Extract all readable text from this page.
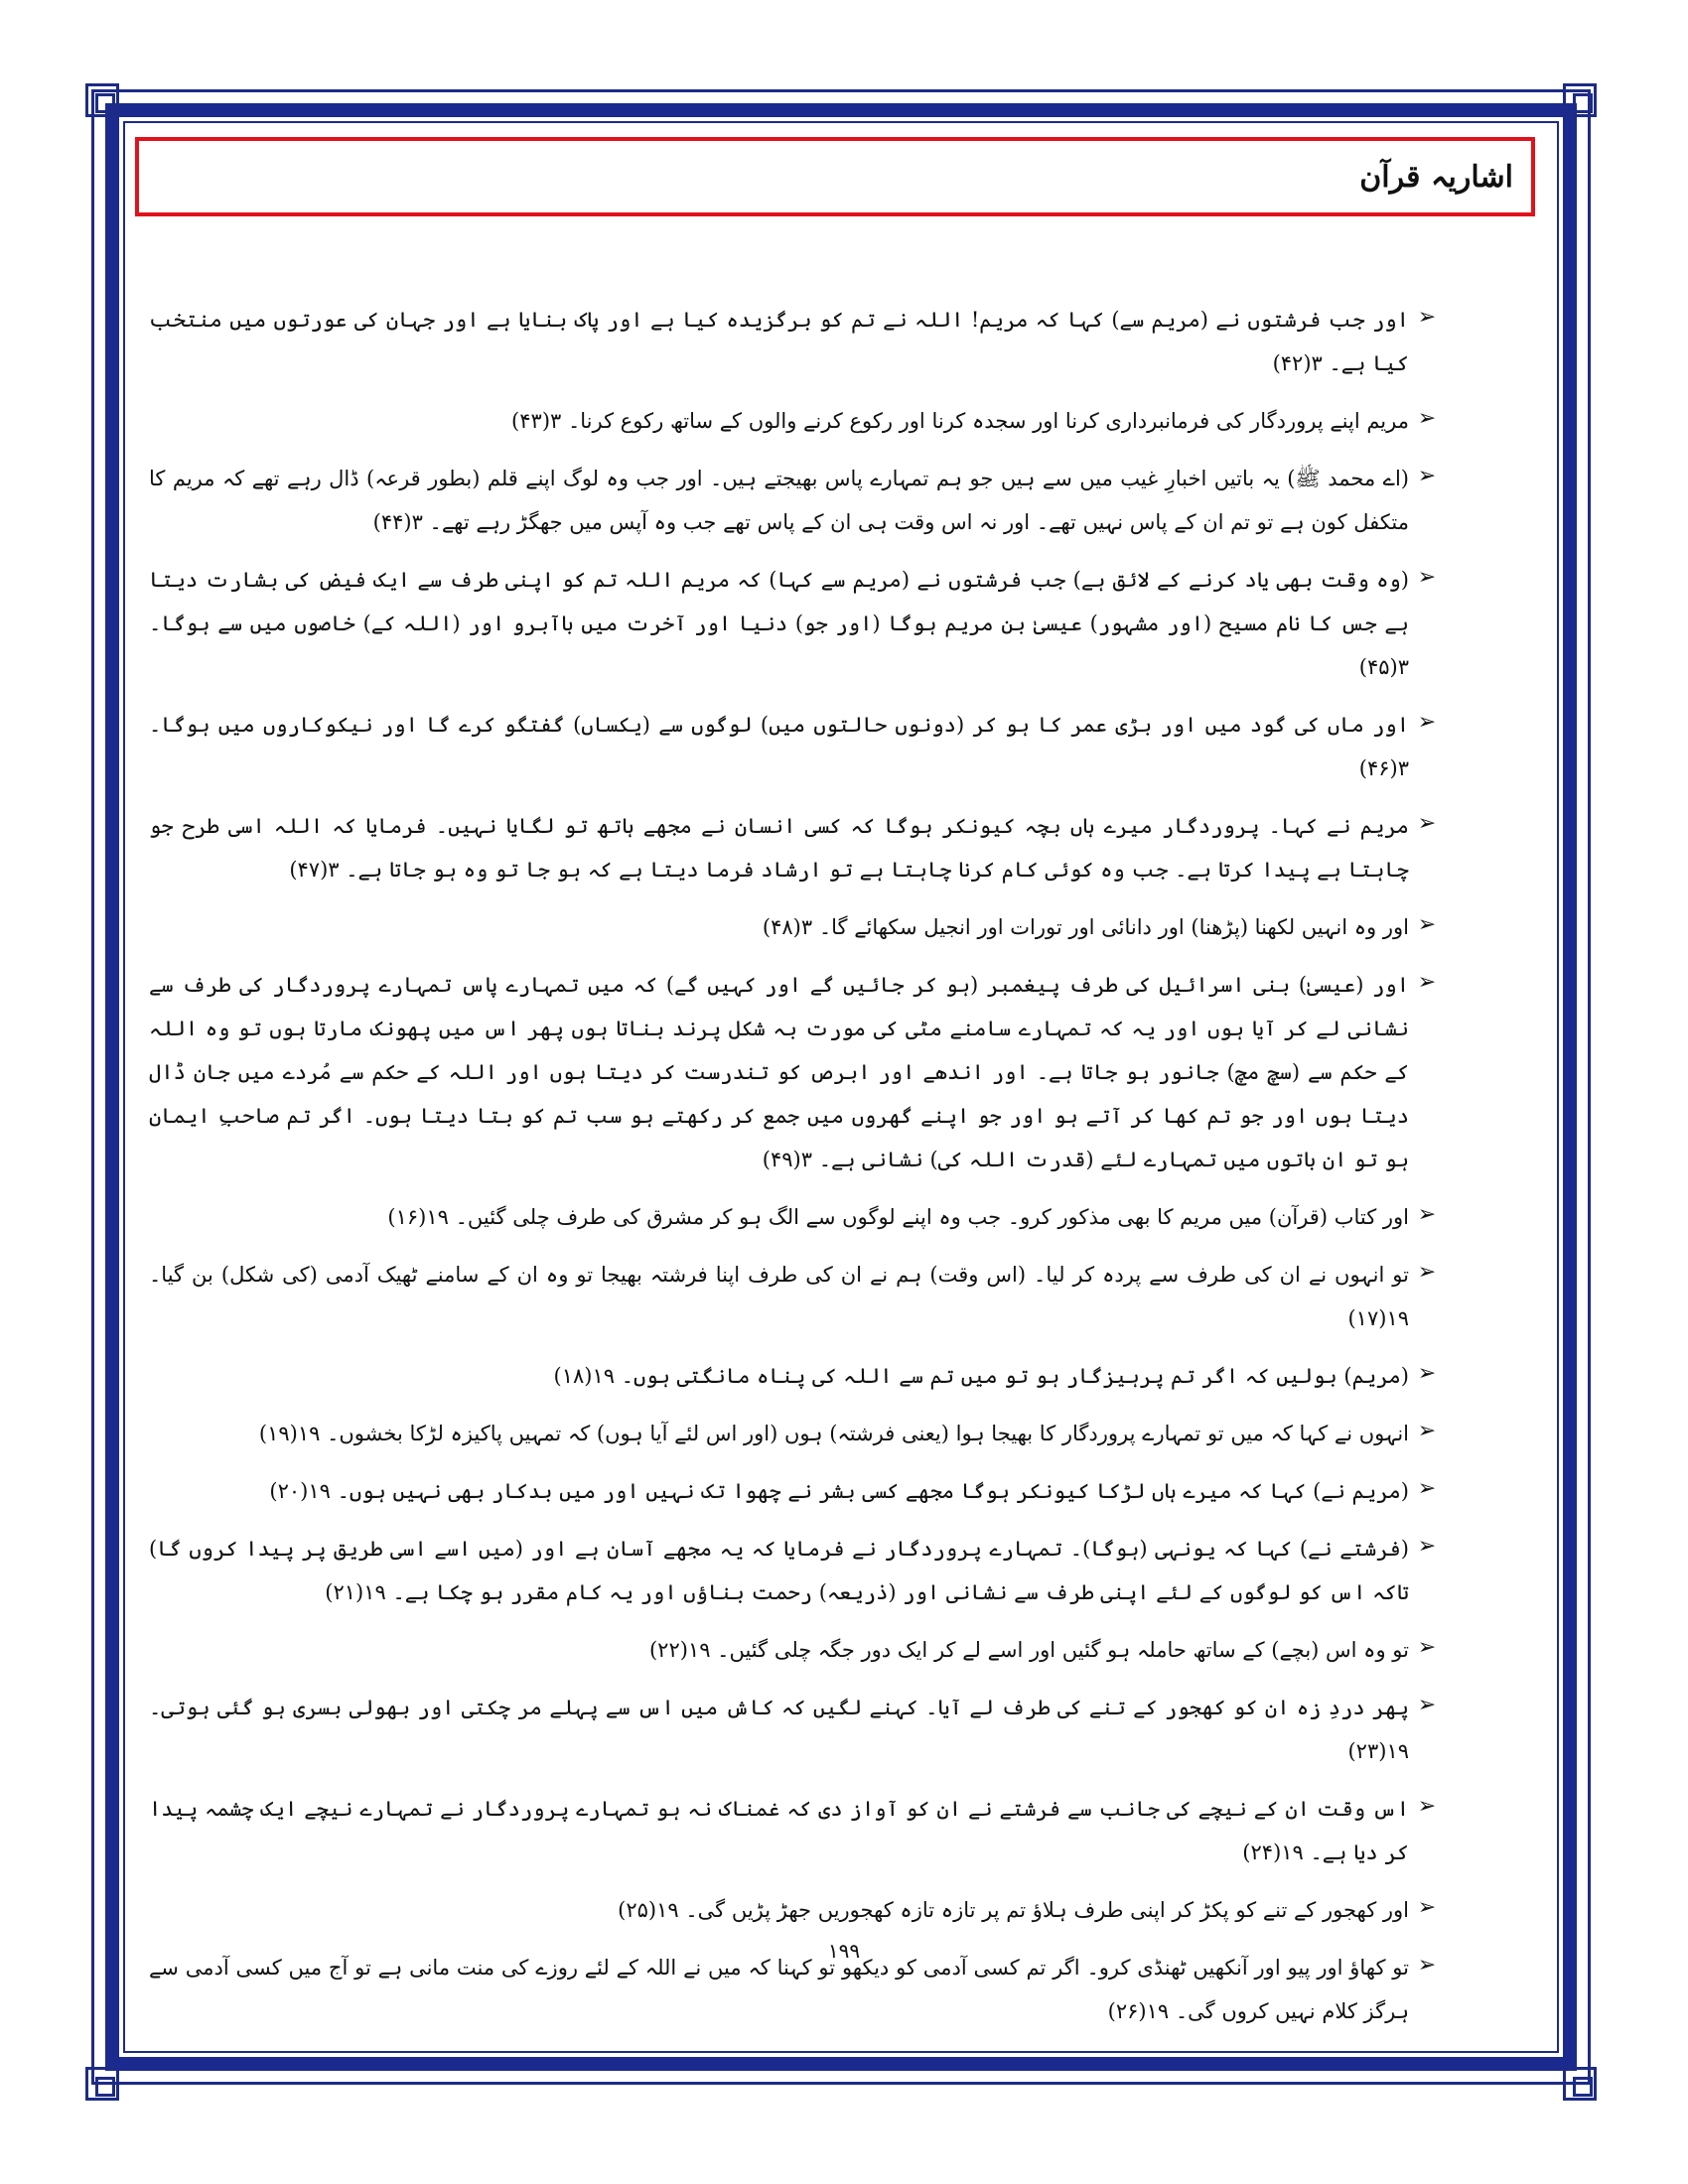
اشاریہ قرآن
➢
اور جب فرشتوں نے (مریم سے) کہا کہ مریم! اللہ نے تم کو برگزیدہ کیا ہے اور پاک بنایا ہے اور جہان کی عورتوں میں منتخب کیا ہے۔ ۳(۴۲)
➢
مریم اپنے پروردگار کی فرمانبرداری کرنا اور سجدہ کرنا اور رکوع کرنے والوں کے ساتھ رکوع کرنا۔ ۳(۴۳)
➢
(اے محمد ﷺ) یہ باتیں اخبارِ غیب میں سے ہیں جو ہم تمہارے پاس بھیجتے ہیں۔ اور جب وہ لوگ اپنے قلم (بطور قرعہ) ڈال رہے تھے کہ مریم کا متکفل کون ہے تو تم ان کے پاس نہیں تھے۔ اور نہ اس وقت ہی ان کے پاس تھے جب وہ آپس میں جھگڑ رہے تھے۔ ۳(۴۴)
➢
(وہ وقت بھی یاد کرنے کے لائق ہے) جب فرشتوں نے (مریم سے کہا) کہ مریم اللہ تم کو اپنی طرف سے ایک فیض کی بشارت دیتا ہے جس کا نام مسیح (اور مشہور) عیسیٰ بن مریم ہوگا (اور جو) دنیا اور آخرت میں باآبرو اور (اللہ کے) خاصوں میں سے ہوگا۔ ۳(۴۵)
➢
اور ماں کی گود میں اور بڑی عمر کا ہو کر (دونوں حالتوں میں) لوگوں سے (یکساں) گفتگو کرے گا اور نیکوکاروں میں ہوگا۔ ۳(۴۶)
➢
مریم نے کہا۔ پروردگار میرے ہاں بچہ کیونکر ہوگا کہ کسی انسان نے مجھے ہاتھ تو لگایا نہیں۔ فرمایا کہ اللہ اسی طرح جو چاہتا ہے پیدا کرتا ہے۔ جب وہ کوئی کام کرنا چاہتا ہے تو ارشاد فرما دیتا ہے کہ ہو جا تو وہ ہو جاتا ہے۔ ۳(۴۷)
➢
اور وہ انہیں لکھنا (پڑھنا) اور دانائی اور تورات اور انجیل سکھائے گا۔ ۳(۴۸)
➢
اور (عیسیٰ) بنی اسرائیل کی طرف پیغمبر (ہو کر جائیں گے اور کہیں گے) کہ میں تمہارے پاس تمہارے پروردگار کی طرف سے نشانی لے کر آیا ہوں اور یہ کہ تمہارے سامنے مٹی کی مورت بہ شکل پرند بناتا ہوں پھر اس میں پھونک مارتا ہوں تو وہ اللہ کے حکم سے (سچ مچ) جانور ہو جاتا ہے۔ اور اندھے اور ابرص کو تندرست کر دیتا ہوں اور اللہ کے حکم سے مُردے میں جان ڈال دیتا ہوں اور جو تم کھا کر آتے ہو اور جو اپنے گھروں میں جمع کر رکھتے ہو سب تم کو بتا دیتا ہوں۔ اگر تم صاحبِ ایمان ہو تو ان باتوں میں تمہارے لئے (قدرت اللہ کی) نشانی ہے۔ ۳(۴۹)
➢
اور کتاب (قرآن) میں مریم کا بھی مذکور کرو۔ جب وہ اپنے لوگوں سے الگ ہو کر مشرق کی طرف چلی گئیں۔ ۱۹(۱۶)
➢
تو انہوں نے ان کی طرف سے پردہ کر لیا۔ (اس وقت) ہم نے ان کی طرف اپنا فرشتہ بھیجا تو وہ ان کے سامنے ٹھیک آدمی (کی شکل) بن گیا۔ ۱۹(۱۷)
➢
(مریم) بولیں کہ اگر تم پرہیزگار ہو تو میں تم سے اللہ کی پناہ مانگتی ہوں۔ ۱۹(۱۸)
➢
انہوں نے کہا کہ میں تو تمہارے پروردگار کا بھیجا ہوا (یعنی فرشتہ) ہوں (اور اس لئے آیا ہوں) کہ تمہیں پاکیزہ لڑکا بخشوں۔ ۱۹(۱۹)
➢
(مریم نے) کہا کہ میرے ہاں لڑکا کیونکر ہوگا مجھے کسی بشر نے چھوا تک نہیں اور میں بدکار بھی نہیں ہوں۔ ۱۹(۲۰)
➢
(فرشتے نے) کہا کہ یونہی (ہوگا)۔ تمہارے پروردگار نے فرمایا کہ یہ مجھے آسان ہے اور (میں اسے اسی طریق پر پیدا کروں گا) تاکہ اس کو لوگوں کے لئے اپنی طرف سے نشانی اور (ذریعہ) رحمت بناؤں اور یہ کام مقرر ہو چکا ہے۔ ۱۹(۲۱)
➢
تو وہ اس (بچے) کے ساتھ حاملہ ہو گئیں اور اسے لے کر ایک دور جگہ چلی گئیں۔ ۱۹(۲۲)
➢
پھر دردِ زہ ان کو کھجور کے تنے کی طرف لے آیا۔ کہنے لگیں کہ کاش میں اس سے پہلے مر چکتی اور بھولی بسری ہو گئی ہوتی۔ ۱۹(۲۳)
➢
اس وقت ان کے نیچے کی جانب سے فرشتے نے ان کو آواز دی کہ غمناک نہ ہو تمہارے پروردگار نے تمہارے نیچے ایک چشمہ پیدا کر دیا ہے۔ ۱۹(۲۴)
➢
اور کھجور کے تنے کو پکڑ کر اپنی طرف ہلاؤ تم پر تازہ تازہ کھجوریں جھڑ پڑیں گی۔ ۱۹(۲۵)
➢
تو کھاؤ اور پیو اور آنکھیں ٹھنڈی کرو۔ اگر تم کسی آدمی کو دیکھو تو کہنا کہ میں نے اللہ کے لئے روزے کی منت مانی ہے تو آج میں کسی آدمی سے ہرگز کلام نہیں کروں گی۔ ۱۹(۲۶)
۱۹۹
